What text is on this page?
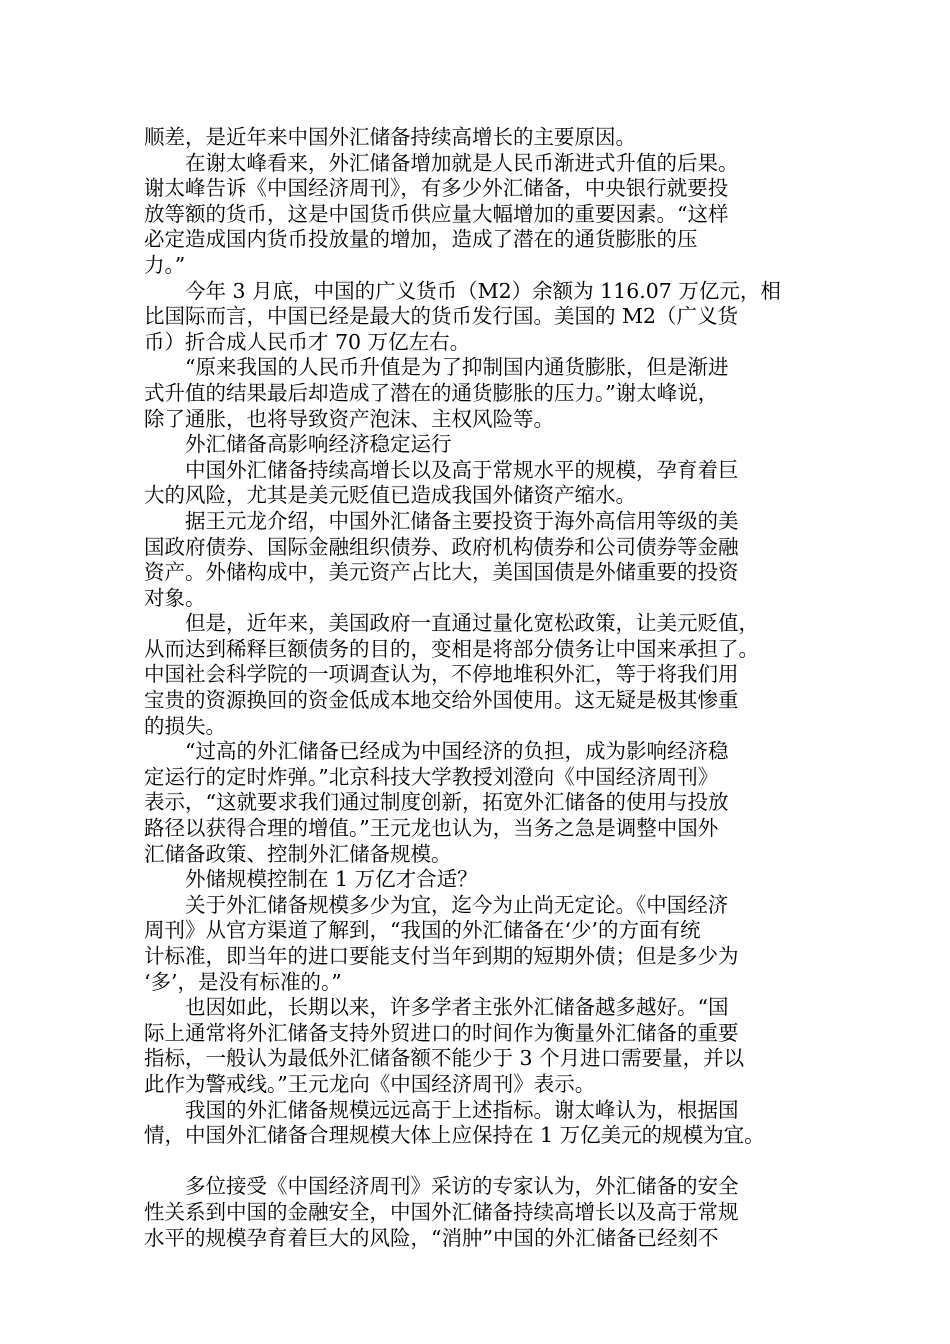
顺差，是近年来中国外汇储备持续高增长的主要原因。
　　在谢太峰看来，外汇储备增加就是人民币渐进式升值的后果。
谢太峰告诉《中国经济周刊》，有多少外汇储备，中央银行就要投
放等额的货币，这是中国货币供应量大幅增加的重要因素。“这样
必定造成国内货币投放量的增加，造成了潜在的通货膨胀的压
力。”
　　今年 3 月底，中国的广义货币（M2）余额为 116.07 万亿元，相
比国际而言，中国已经是最大的货币发行国。美国的 M2（广义货
币）折合成人民币才 70 万亿左右。
　　“原来我国的人民币升值是为了抑制国内通货膨胀，但是渐进
式升值的结果最后却造成了潜在的通货膨胀的压力。”谢太峰说，
除了通胀，也将导致资产泡沫、主权风险等。
　　外汇储备高影响经济稳定运行
　　中国外汇储备持续高增长以及高于常规水平的规模，孕育着巨
大的风险，尤其是美元贬值已造成我国外储资产缩水。
　　据王元龙介绍，中国外汇储备主要投资于海外高信用等级的美
国政府债券、国际金融组织债券、政府机构债券和公司债券等金融
资产。外储构成中，美元资产占比大，美国国债是外储重要的投资
对象。
　　但是，近年来，美国政府一直通过量化宽松政策，让美元贬值，
从而达到稀释巨额债务的目的，变相是将部分债务让中国来承担了。
中国社会科学院的一项调查认为，不停地堆积外汇，等于将我们用
宝贵的资源换回的资金低成本地交给外国使用。这无疑是极其惨重
的损失。
　　“过高的外汇储备已经成为中国经济的负担，成为影响经济稳
定运行的定时炸弹。”北京科技大学教授刘澄向《中国经济周刊》
表示，“这就要求我们通过制度创新，拓宽外汇储备的使用与投放
路径以获得合理的增值。”王元龙也认为，当务之急是调整中国外
汇储备政策、控制外汇储备规模。
　　外储规模控制在 1 万亿才合适？
　　关于外汇储备规模多少为宜，迄今为止尚无定论。《中国经济
周刊》从官方渠道了解到，“我国的外汇储备在‘少’的方面有统
计标准，即当年的进口要能支付当年到期的短期外债；但是多少为
‘多’，是没有标准的。”
　　也因如此，长期以来，许多学者主张外汇储备越多越好。“国
际上通常将外汇储备支持外贸进口的时间作为衡量外汇储备的重要
指标，一般认为最低外汇储备额不能少于 3 个月进口需要量，并以
此作为警戒线。”王元龙向《中国经济周刊》表示。
　　我国的外汇储备规模远远高于上述指标。谢太峰认为，根据国
情，中国外汇储备合理规模大体上应保持在 1 万亿美元的规模为宜。
　　多位接受《中国经济周刊》采访的专家认为，外汇储备的安全
性关系到中国的金融安全，中国外汇储备持续高增长以及高于常规
水平的规模孕育着巨大的风险，“消肿”中国的外汇储备已经刻不
